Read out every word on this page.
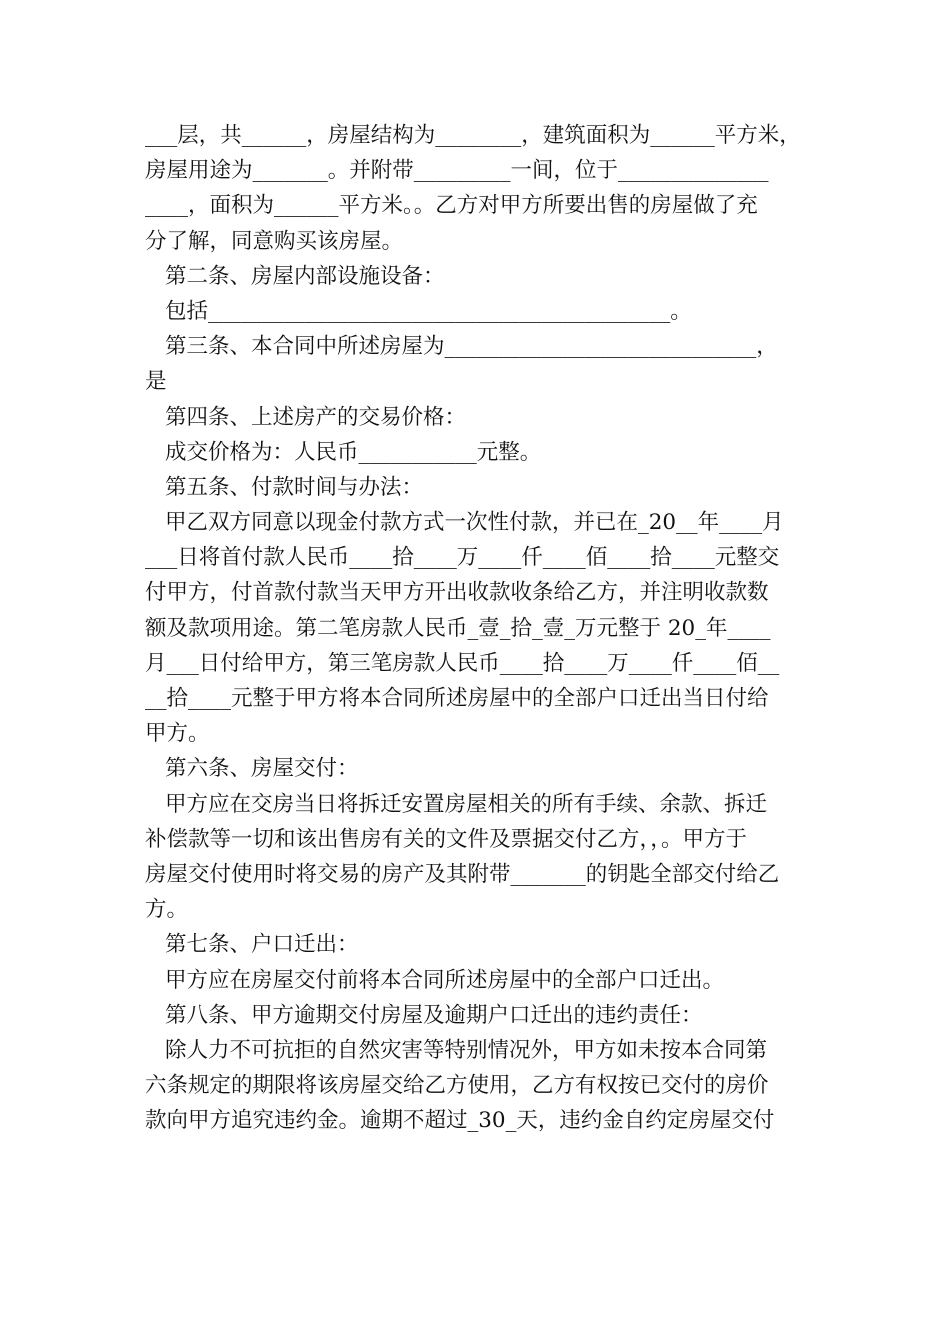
___层，共______，房屋结构为________，建筑面积为______平方米，
房屋用途为_______。并附带_________一间，位于______________
____，面积为______平方米。。乙方对甲方所要出售的房屋做了充
分了解，同意购买该房屋。
第二条、房屋内部设施设备：
包括___________________________________________。
第三条、本合同中所述房屋为_____________________________，
是
第四条、上述房产的交易价格：
成交价格为：人民币___________元整。
第五条、付款时间与办法：
甲乙双方同意以现金付款方式一次性付款，并已在_20__年____月
___日将首付款人民币____拾____万____仟____佰____拾____元整交
付甲方，付首款付款当天甲方开出收款收条给乙方，并注明收款数
额及款项用途。第二笔房款人民币_壹_拾_壹_万元整于 20_年____
月___日付给甲方，第三笔房款人民币____拾____万____仟____佰__
__拾____元整于甲方将本合同所述房屋中的全部户口迁出当日付给
甲方。
第六条、房屋交付：
甲方应在交房当日将拆迁安置房屋相关的所有手续、余款、拆迁
补偿款等一切和该出售房有关的文件及票据交付乙方，，。甲方于
房屋交付使用时将交易的房产及其附带_______的钥匙全部交付给乙
方。
第七条、户口迁出：
甲方应在房屋交付前将本合同所述房屋中的全部户口迁出。
第八条、甲方逾期交付房屋及逾期户口迁出的违约责任：
除人力不可抗拒的自然灾害等特别情况外，甲方如未按本合同第
六条规定的期限将该房屋交给乙方使用，乙方有权按已交付的房价
款向甲方追究违约金。逾期不超过_30_天，违约金自约定房屋交付
